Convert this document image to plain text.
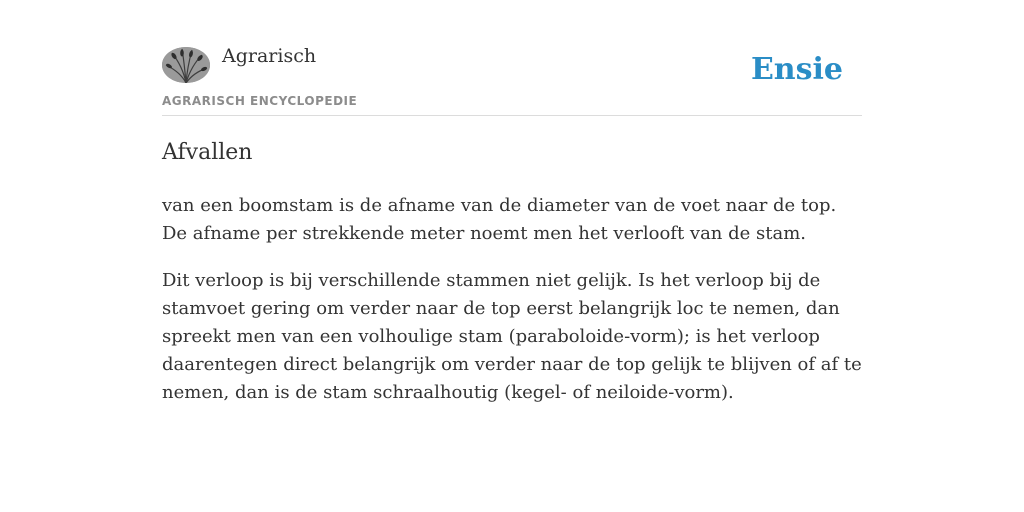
Agrarisch
AGRARISCH ENCYCLOPEDIE
Ensie
Afvallen

van een boomstam is de afname van de diameter van de voet naar de top. De afname per strekkende meter noemt men het verlooft van de stam.

Dit verloop is bij verschillende stammen niet gelijk. Is het verloop bij de stamvoet gering om verder naar de top eerst belangrijk loc te nemen, dan spreekt men van een volhoulige stam (paraboloide-vorm); is het verloop daarentegen direct belangrijk om verder naar de top gelijk te blijven of af te nemen, dan is de stam schraalhoutig (kegel- of neiloide-vorm).
